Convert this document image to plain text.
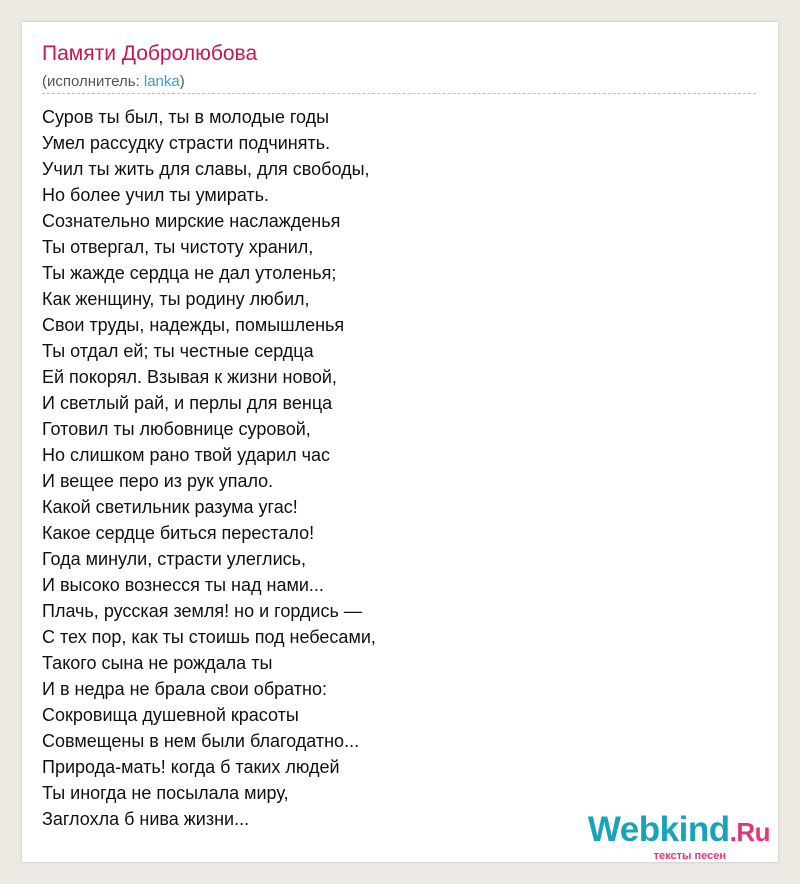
Памяти Добролюбова
(исполнитель: lanka)
Суров ты был, ты в молодые годы
Умел рассудку страсти подчинять.
Учил ты жить для славы, для свободы,
Но более учил ты умирать.
Сознательно мирские наслажденья
Ты отвергал, ты чистоту хранил,
Ты жажде сердца не дал утоленья;
Как женщину, ты родину любил,
Свои труды, надежды, помышленья
Ты отдал ей; ты честные сердца
Ей покорял. Взывая к жизни новой,
И светлый рай, и перлы для венца
Готовил ты любовнице суровой,
Но слишком рано твой ударил час
И вещее перо из рук упало.
Какой светильник разума угас!
Какое сердце биться перестало!
Года минули, страсти улеглись,
И высоко вознесся ты над нами...
Плачь, русская земля! но и гордись —
С тех пор, как ты стоишь под небесами,
Такого сына не рождала ты
И в недра не брала свои обратно:
Сокровища душевной красоты
Совмещены в нем были благодатно...
Природа-мать! когда б таких людей
Ты иногда не посылала миру,
Заглохла б нива жизни...	Webkind.Ru
тексты песен
